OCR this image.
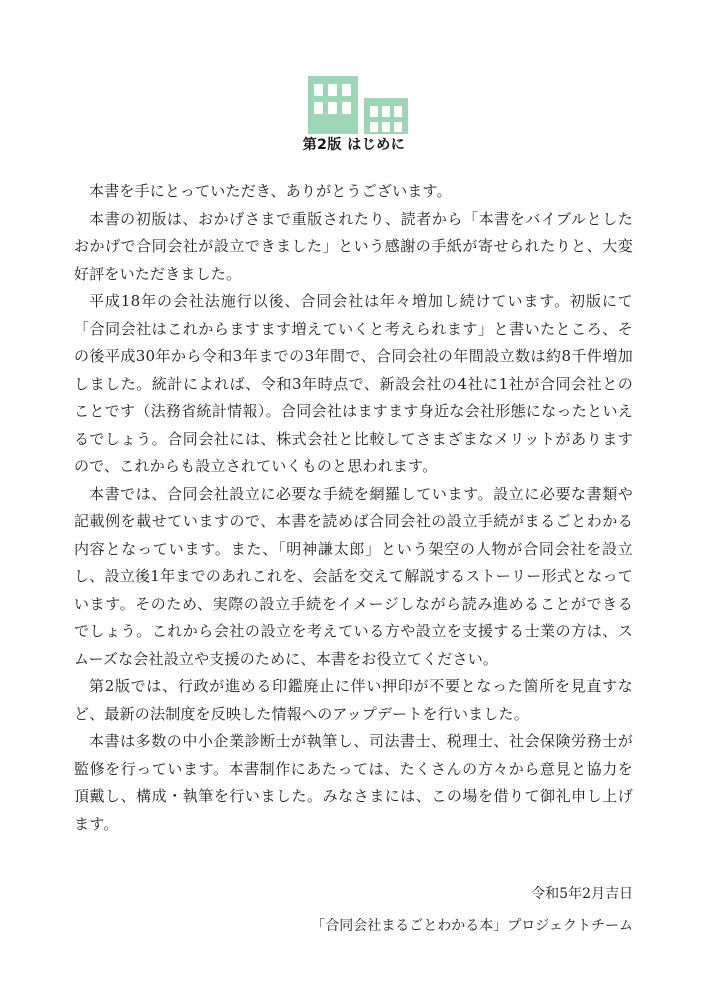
第2版 はじめに

本書を手にとっていただき、ありがとうございます。

本書の初版は、おかげさまで重版されたり、読者から「本書をバイブルとしたおかげで合同会社が設立できました」という感謝の手紙が寄せられたりと、大変好評をいただきました。

平成18年の会社法施行以後、合同会社は年々増加し続けています。初版にて「合同会社はこれからますます増えていくと考えられます」と書いたところ、その後平成30年から令和3年までの3年間で、合同会社の年間設立数は約8千件増加しました。統計によれば、令和3年時点で、新設会社の4社に1社が合同会社とのことです（法務省統計情報）。合同会社はますます身近な会社形態になったといえるでしょう。合同会社には、株式会社と比較してさまざまなメリットがありますので、これからも設立されていくものと思われます。

本書では、合同会社設立に必要な手続を網羅しています。設立に必要な書類や記載例を載せていますので、本書を読めば合同会社の設立手続がまるごとわかる内容となっています。また、「明神謙太郎」という架空の人物が合同会社を設立し、設立後1年までのあれこれを、会話を交えて解説するストーリー形式となっています。そのため、実際の設立手続をイメージしながら読み進めることができるでしょう。これから会社の設立を考えている方や設立を支援する士業の方は、スムーズな会社設立や支援のために、本書をお役立てください。

第2版では、行政が進める印鑑廃止に伴い押印が不要となった箇所を見直すなど、最新の法制度を反映した情報へのアップデートを行いました。

本書は多数の中小企業診断士が執筆し、司法書士、税理士、社会保険労務士が監修を行っています。本書制作にあたっては、たくさんの方々から意見と協力を頂戴し、構成・執筆を行いました。みなさまには、この場を借りて御礼申し上げます。

令和5年2月吉日

「合同会社まるごとわかる本」プロジェクトチーム
